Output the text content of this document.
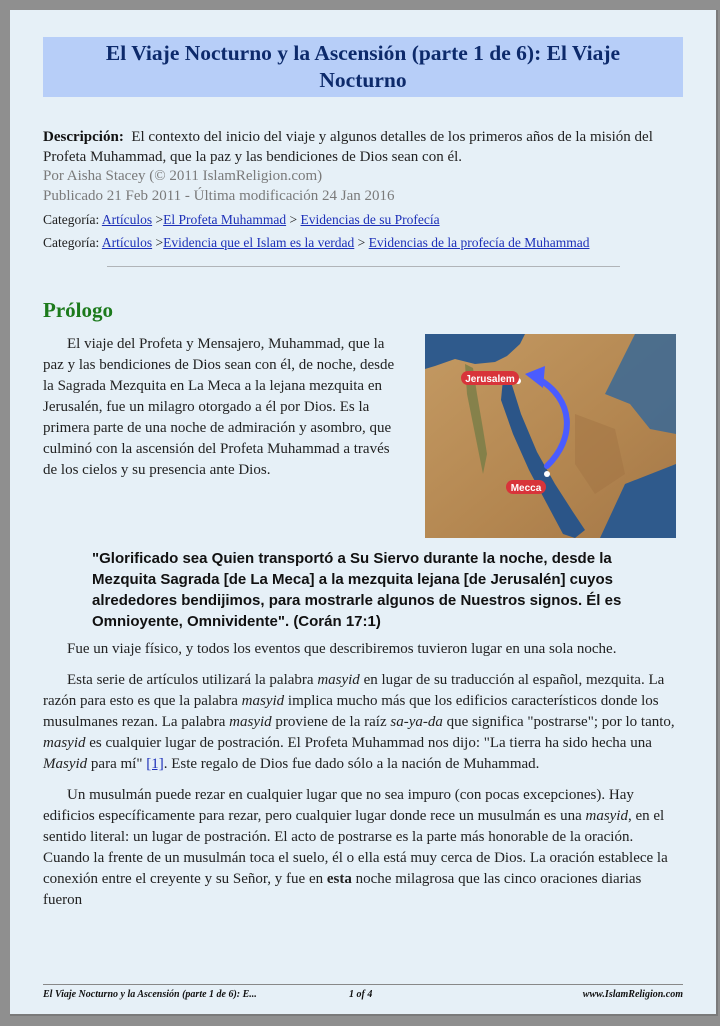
El Viaje Nocturno y la Ascensión (parte 1 de 6): El Viaje Nocturno
Descripción: El contexto del inicio del viaje y algunos detalles de los primeros años de la misión del Profeta Muhammad, que la paz y las bendiciones de Dios sean con él.
Por Aisha Stacey (© 2011 IslamReligion.com)
Publicado 21 Feb 2011 - Última modificación 24 Jan 2016
Categoría: Artículos >El Profeta Muhammad > Evidencias de su Profecía
Categoría: Artículos >Evidencia que el Islam es la verdad > Evidencias de la profecía de Muhammad
Prólogo

El viaje del Profeta y Mensajero, Muhammad, que la paz y las bendiciones de Dios sean con él, de noche, desde la Sagrada Mezquita en La Meca a la lejana mezquita en Jerusalén, fue un milagro otorgado a él por Dios. Es la primera parte de una noche de admiración y asombro, que culminó con la ascensión del Profeta Muhammad a través de los cielos y su presencia ante Dios.

Jerusalem
Mecca

"Glorificado sea Quien transportó a Su Siervo durante la noche, desde la Mezquita Sagrada [de La Meca] a la mezquita lejana [de Jerusalén] cuyos alrededores bendijimos, para mostrarle algunos de Nuestros signos. Él es Omnioyente, Omnividente". (Corán 17:1)

Fue un viaje físico, y todos los eventos que describiremos tuvieron lugar en una sola noche.

Esta serie de artículos utilizará la palabra masyid en lugar de su traducción al español, mezquita. La razón para esto es que la palabra masyid implica mucho más que los edificios característicos donde los musulmanes rezan. La palabra masyid proviene de la raíz sa-ya-da que significa "postrarse"; por lo tanto, masyid es cualquier lugar de postración. El Profeta Muhammad nos dijo: "La tierra ha sido hecha una Masyid para mí" [1]. Este regalo de Dios fue dado sólo a la nación de Muhammad.

Un musulmán puede rezar en cualquier lugar que no sea impuro (con pocas excepciones). Hay edificios específicamente para rezar, pero cualquier lugar donde rece un musulmán es una masyid, en el sentido literal: un lugar de postración. El acto de postrarse es la parte más honorable de la oración. Cuando la frente de un musulmán toca el suelo, él o ella está muy cerca de Dios. La oración establece la conexión entre el creyente y su Señor, y fue en esta noche milagrosa que las cinco oraciones diarias fueron

El Viaje Nocturno y la Ascensión (parte 1 de 6): E...	1 of 4	www.IslamReligion.com
